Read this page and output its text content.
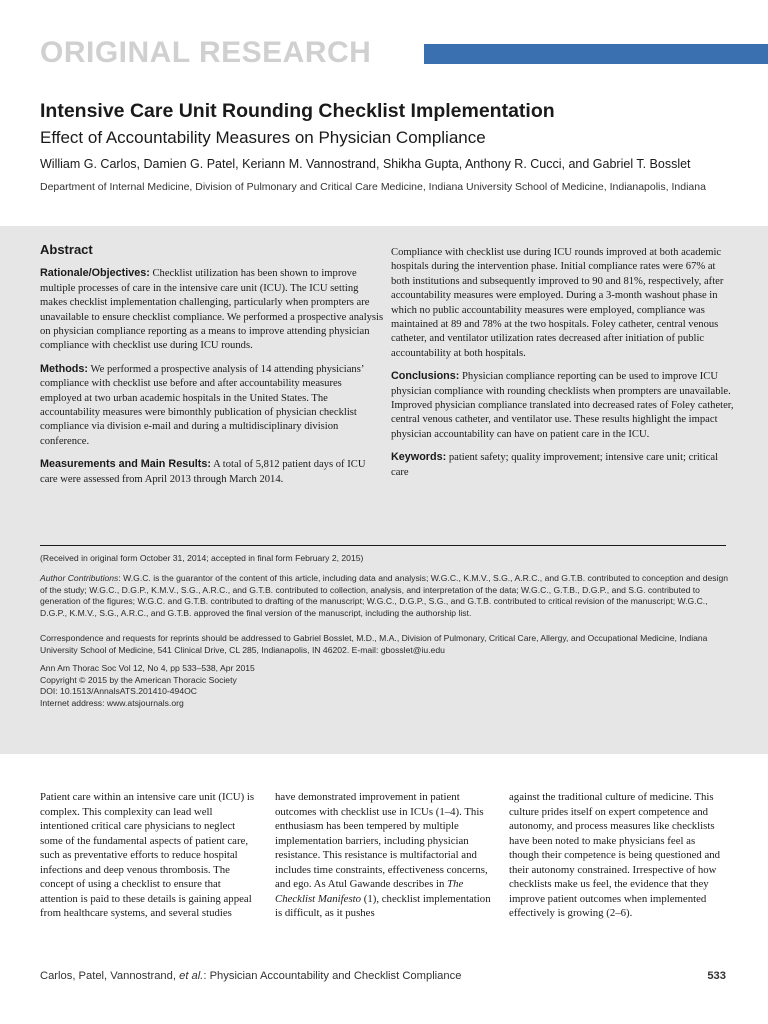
ORIGINAL RESEARCH
Intensive Care Unit Rounding Checklist Implementation
Effect of Accountability Measures on Physician Compliance
William G. Carlos, Damien G. Patel, Keriann M. Vannostrand, Shikha Gupta, Anthony R. Cucci, and Gabriel T. Bosslet
Department of Internal Medicine, Division of Pulmonary and Critical Care Medicine, Indiana University School of Medicine, Indianapolis, Indiana

Abstract

Rationale/Objectives: Checklist utilization has been shown to improve multiple processes of care in the intensive care unit (ICU). The ICU setting makes checklist implementation challenging, particularly when prompters are unavailable to ensure checklist compliance. We performed a prospective analysis on physician compliance reporting as a means to improve attending physician compliance with checklist use during ICU rounds.

Methods: We performed a prospective analysis of 14 attending physicians’ compliance with checklist use before and after accountability measures employed at two urban academic hospitals in the United States. The accountability measures were bimonthly publication of physician checklist compliance via division e-mail and during a multidisciplinary division conference.

Measurements and Main Results: A total of 5,812 patient days of ICU care were assessed from April 2013 through March 2014.

Compliance with checklist use during ICU rounds improved at both academic hospitals during the intervention phase. Initial compliance rates were 67% at both institutions and subsequently improved to 90 and 81%, respectively, after accountability measures were employed. During a 3-month washout phase in which no public accountability measures were employed, compliance was maintained at 89 and 78% at the two hospitals. Foley catheter, central venous catheter, and ventilator utilization rates decreased after initiation of public accountability at both hospitals.

Conclusions: Physician compliance reporting can be used to improve ICU physician compliance with rounding checklists when prompters are unavailable. Improved physician compliance translated into decreased rates of Foley catheter, central venous catheter, and ventilator use. These results highlight the impact physician accountability can have on patient care in the ICU.

Keywords: patient safety; quality improvement; intensive care unit; critical care

(Received in original form October 31, 2014; accepted in final form February 2, 2015)
Author Contributions: W.G.C. is the guarantor of the content of this article, including data and analysis; W.G.C., K.M.V., S.G., A.R.C., and G.T.B. contributed to conception and design of the study; W.G.C., D.G.P., K.M.V., S.G., A.R.C., and G.T.B. contributed to collection, analysis, and interpretation of the data; W.G.C., G.T.B., D.G.P., and S.G. contributed to generation of the figures; W.G.C. and G.T.B. contributed to drafting of the manuscript; W.G.C., D.G.P., S.G., and G.T.B. contributed to critical revision of the manuscript; W.G.C., D.G.P., K.M.V., S.G., A.R.C., and G.T.B. approved the final version of the manuscript, including the authorship list.
Correspondence and requests for reprints should be addressed to Gabriel Bosslet, M.D., M.A., Division of Pulmonary, Critical Care, Allergy, and Occupational Medicine, Indiana University School of Medicine, 541 Clinical Drive, CL 285, Indianapolis, IN 46202. E-mail: gbosslet@iu.edu

Ann Am Thorac Soc Vol 12, No 4, pp 533–538, Apr 2015

Copyright © 2015 by the American Thoracic Society

DOI: 10.1513/AnnalsATS.201410-494OC

Internet address: www.atsjournals.org

Patient care within an intensive care unit (ICU) is complex. This complexity can lead well intentioned critical care physicians to neglect some of the fundamental aspects of patient care, such as preventative efforts to reduce hospital infections and deep venous thrombosis. The concept of using a checklist to ensure that attention is paid to these details is gaining appeal from healthcare systems, and several studies
have demonstrated improvement in patient outcomes with checklist use in ICUs (1–4). This enthusiasm has been tempered by multiple implementation barriers, including physician resistance. This resistance is multifactorial and includes time constraints, effectiveness concerns, and ego. As Atul Gawande describes in The Checklist Manifesto (1), checklist implementation is difficult, as it pushes
against the traditional culture of medicine. This culture prides itself on expert competence and autonomy, and process measures like checklists have been noted to make physicians feel as though their competence is being questioned and their autonomy constrained. Irrespective of how checklists make us feel, the evidence that they improve patient outcomes when implemented effectively is growing (2–6).
Carlos, Patel, Vannostrand, et al.: Physician Accountability and Checklist Compliance	533
